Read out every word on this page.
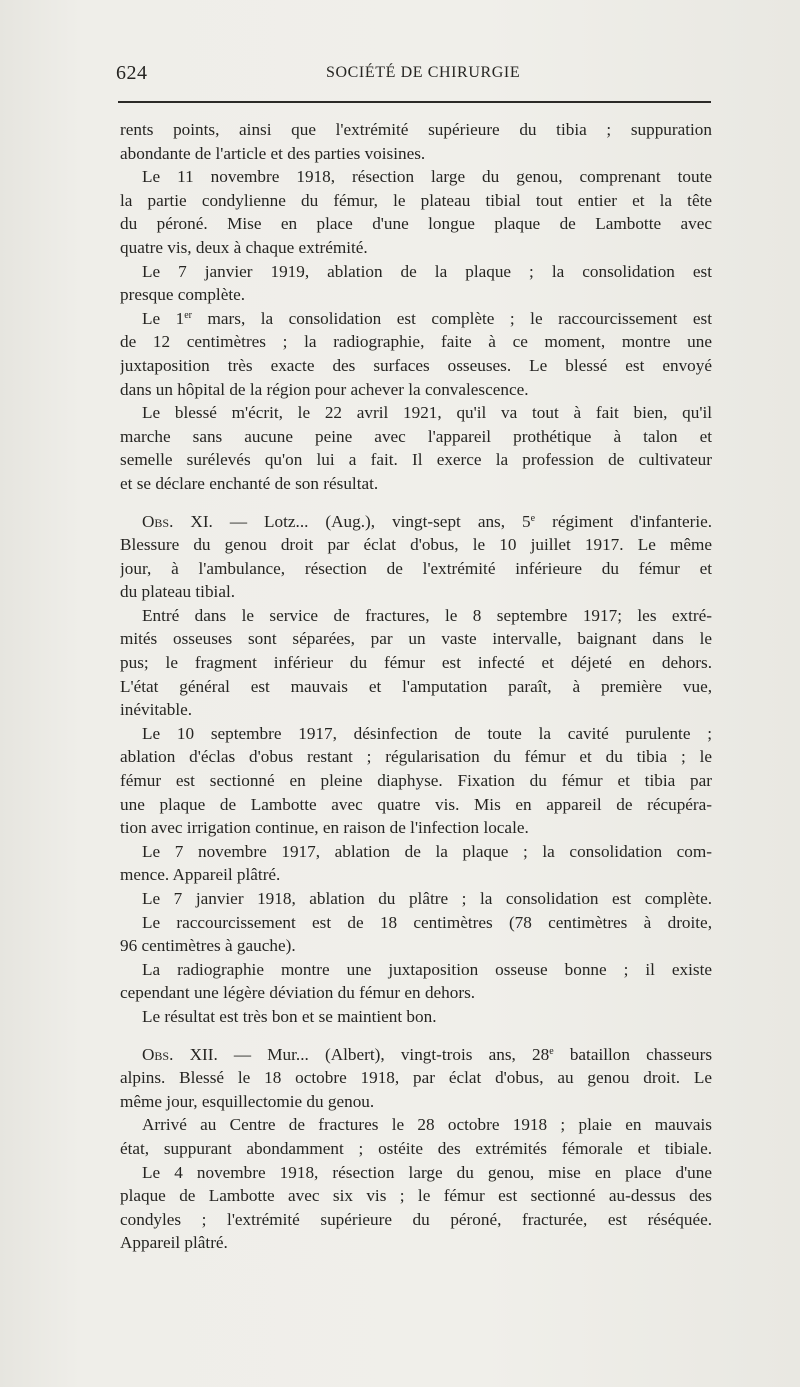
624	SOCIÉTÉ DE CHIRURGIE
rents points, ainsi que l'extrémité supérieure du tibia ; suppuration
abondante de l'article et des parties voisines.
Le 11 novembre 1918, résection large du genou, comprenant toute
la partie condylienne du fémur, le plateau tibial tout entier et la tête
du péroné. Mise en place d'une longue plaque de Lambotte avec
quatre vis, deux à chaque extrémité.
Le 7 janvier 1919, ablation de la plaque ; la consolidation est
presque complète.
Le 1er mars, la consolidation est complète ; le raccourcissement est
de 12 centimètres ; la radiographie, faite à ce moment, montre une
juxtaposition très exacte des surfaces osseuses. Le blessé est envoyé
dans un hôpital de la région pour achever la convalescence.
Le blessé m'écrit, le 22 avril 1921, qu'il va tout à fait bien, qu'il
marche sans aucune peine avec l'appareil prothétique à talon et
semelle surélevés qu'on lui a fait. Il exerce la profession de cultivateur
et se déclare enchanté de son résultat.
Obs. XI. — Lotz... (Aug.), vingt-sept ans, 5e régiment d'infanterie.
Blessure du genou droit par éclat d'obus, le 10 juillet 1917. Le même
jour, à l'ambulance, résection de l'extrémité inférieure du fémur et
du plateau tibial.
Entré dans le service de fractures, le 8 septembre 1917; les extré-
mités osseuses sont séparées, par un vaste intervalle, baignant dans le
pus; le fragment inférieur du fémur est infecté et déjeté en dehors.
L'état général est mauvais et l'amputation paraît, à première vue,
inévitable.
Le 10 septembre 1917, désinfection de toute la cavité purulente ;
ablation d'éclas d'obus restant ; régularisation du fémur et du tibia ; le
fémur est sectionné en pleine diaphyse. Fixation du fémur et tibia par
une plaque de Lambotte avec quatre vis. Mis en appareil de récupéra-
tion avec irrigation continue, en raison de l'infection locale.
Le 7 novembre 1917, ablation de la plaque ; la consolidation com-
mence. Appareil plâtré.
Le 7 janvier 1918, ablation du plâtre ; la consolidation est complète.
Le raccourcissement est de 18 centimètres (78 centimètres à droite,
96 centimètres à gauche).
La radiographie montre une juxtaposition osseuse bonne ; il existe
cependant une légère déviation du fémur en dehors.
Le résultat est très bon et se maintient bon.
Obs. XII. — Mur... (Albert), vingt-trois ans, 28e bataillon chasseurs
alpins. Blessé le 18 octobre 1918, par éclat d'obus, au genou droit. Le
même jour, esquillectomie du genou.
Arrivé au Centre de fractures le 28 octobre 1918 ; plaie en mauvais
état, suppurant abondamment ; ostéite des extrémités fémorale et tibiale.
Le 4 novembre 1918, résection large du genou, mise en place d'une
plaque de Lambotte avec six vis ; le fémur est sectionné au-dessus des
condyles ; l'extrémité supérieure du péroné, fracturée, est réséquée.
Appareil plâtré.
